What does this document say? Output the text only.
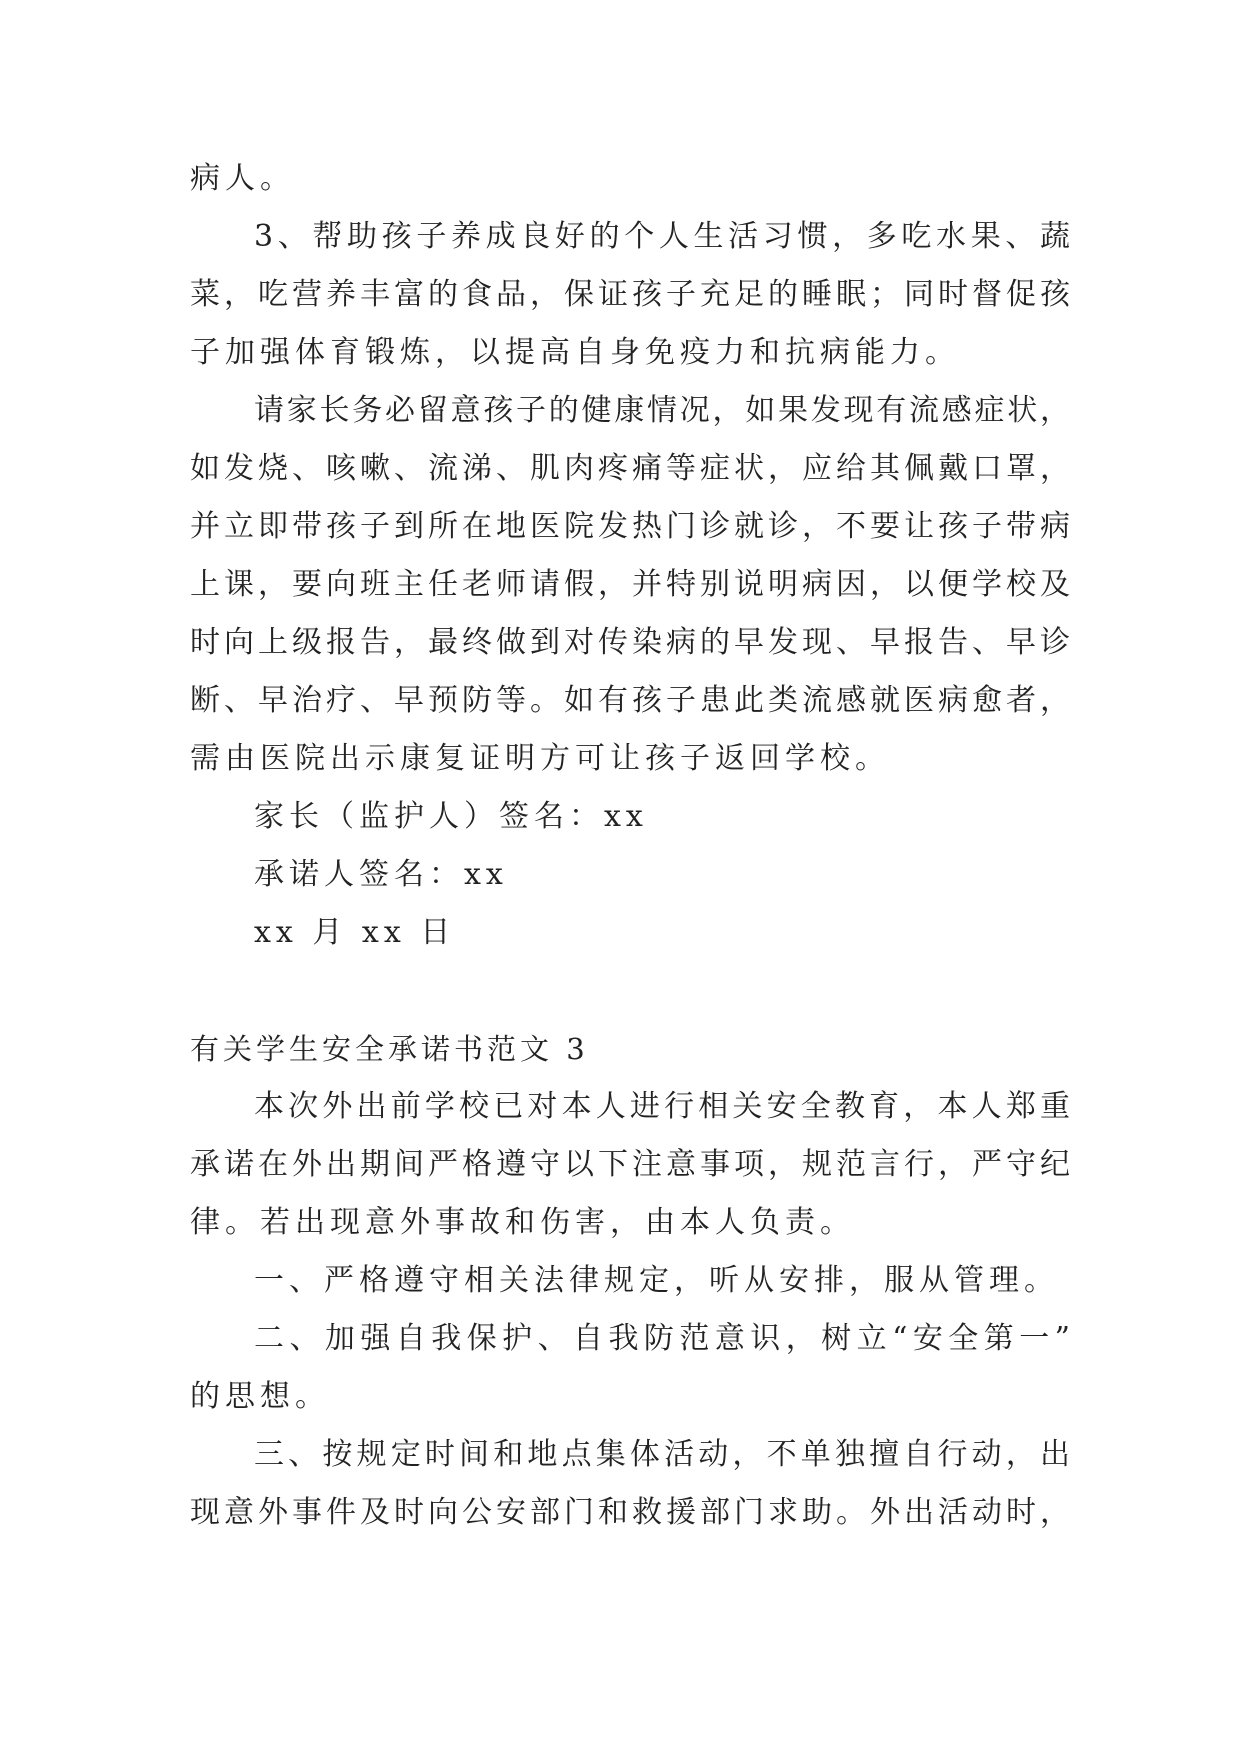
病人。
3、帮助孩子养成良好的个人生活习惯，多吃水果、蔬
菜，吃营养丰富的食品，保证孩子充足的睡眠；同时督促孩
子加强体育锻炼，以提高自身免疫力和抗病能力。
请家长务必留意孩子的健康情况，如果发现有流感症状，
如发烧、咳嗽、流涕、肌肉疼痛等症状，应给其佩戴口罩，
并立即带孩子到所在地医院发热门诊就诊，不要让孩子带病
上课，要向班主任老师请假，并特别说明病因，以便学校及
时向上级报告，最终做到对传染病的早发现、早报告、早诊
断、早治疗、早预防等。如有孩子患此类流感就医病愈者，
需由医院出示康复证明方可让孩子返回学校。
家长（监护人）签名：xx
承诺人签名：xx
xx 月 xx 日
有关学生安全承诺书范文 3
本次外出前学校已对本人进行相关安全教育，本人郑重
承诺在外出期间严格遵守以下注意事项，规范言行，严守纪
律。若出现意外事故和伤害，由本人负责。
一、严格遵守相关法律规定，听从安排，服从管理。
二、加强自我保护、自我防范意识，树立“安全第一”
的思想。
三、按规定时间和地点集体活动，不单独擅自行动，出
现意外事件及时向公安部门和救援部门求助。外出活动时，
